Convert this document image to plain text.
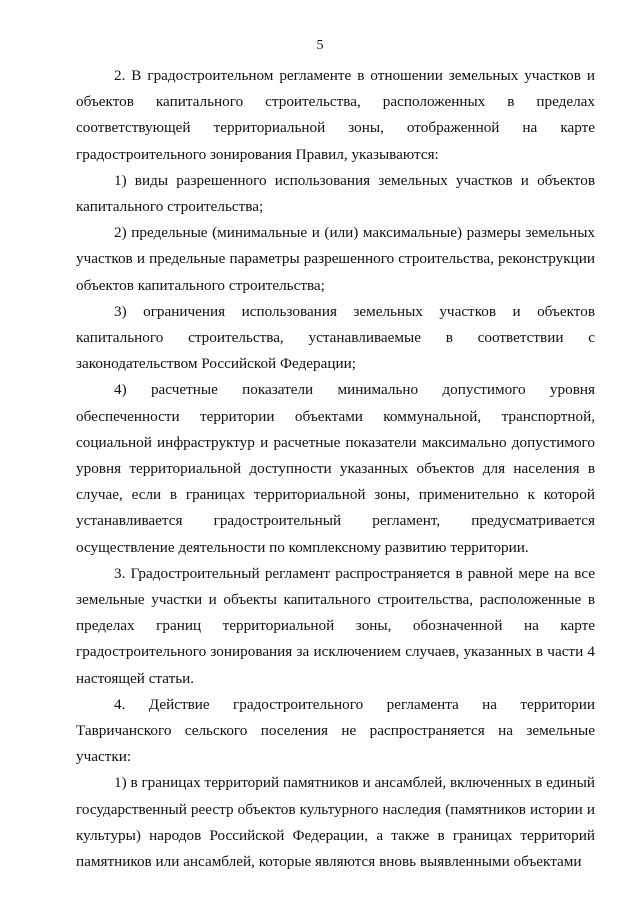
5

2. В градостроительном регламенте в отношении земельных участков и объектов капитального строительства, расположенных в пределах соответствующей территориальной зоны, отображенной на карте градостроительного зонирования Правил, указываются:

1) виды разрешенного использования земельных участков и объектов капитального строительства;

2) предельные (минимальные и (или) максимальные) размеры земельных участков и предельные параметры разрешенного строительства, реконструкции объектов капитального строительства;

3) ограничения использования земельных участков и объектов капитального строительства, устанавливаемые в соответствии с законодательством Российской Федерации;

4) расчетные показатели минимально допустимого уровня обеспеченности территории объектами коммунальной, транспортной, социальной инфраструктур и расчетные показатели максимально допустимого уровня территориальной доступности указанных объектов для населения в случае, если в границах территориальной зоны, применительно к которой устанавливается градостроительный регламент, предусматривается осуществление деятельности по комплексному развитию территории.

3. Градостроительный регламент распространяется в равной мере на все земельные участки и объекты капитального строительства, расположенные в пределах границ территориальной зоны, обозначенной на карте градостроительного зонирования за исключением случаев, указанных в части 4 настоящей статьи.

4. Действие градостроительного регламента на территории Тавричанского сельского поселения не распространяется на земельные участки:

1) в границах территорий памятников и ансамблей, включенных в единый государственный реестр объектов культурного наследия (памятников истории и культуры) народов Российской Федерации, а также в границах территорий памятников или ансамблей, которые являются вновь выявленными объектами
